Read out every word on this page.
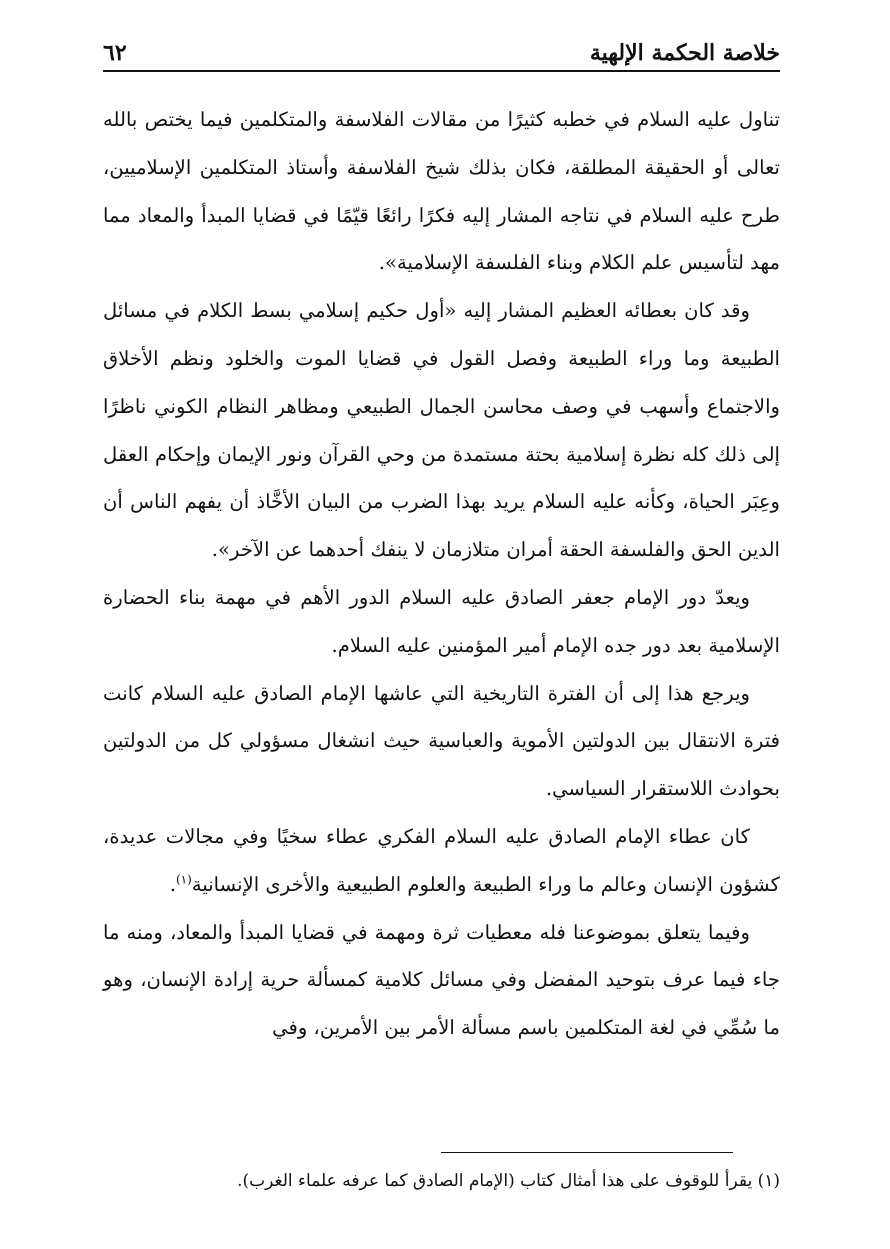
خلاصة الحكمة الإلهية
٦٢

تناول عليه السلام في خطبه كثيرًا من مقالات الفلاسفة والمتكلمين فيما يختص بالله تعالى أو الحقيقة المطلقة، فكان بذلك شيخ الفلاسفة وأستاذ المتكلمين الإسلاميين، طرح عليه السلام في نتاجه المشار إليه فكرًا رائعًا قيّمًا في قضايا المبدأ والمعاد مما مهد لتأسيس علم الكلام وبناء الفلسفة الإسلامية».

وقد كان بعطائه العظيم المشار إليه «أول حكيم إسلامي بسط الكلام في مسائل الطبيعة وما وراء الطبيعة وفصل القول في قضايا الموت والخلود ونظم الأخلاق والاجتماع وأسهب في وصف محاسن الجمال الطبيعي ومظاهر النظام الكوني ناظرًا إلى ذلك كله نظرة إسلامية بحتة مستمدة من وحي القرآن ونور الإيمان وإحكام العقل وعِبَر الحياة، وكأنه عليه السلام يريد بهذا الضرب من البيان الأخَّاذ أن يفهم الناس أن الدين الحق والفلسفة الحقة أمران متلازمان لا ينفك أحدهما عن الآخر».

ويعدّ دور الإمام جعفر الصادق عليه السلام الدور الأهم في مهمة بناء الحضارة الإسلامية بعد دور جده الإمام أمير المؤمنين عليه السلام.

ويرجع هذا إلى أن الفترة التاريخية التي عاشها الإمام الصادق عليه السلام كانت فترة الانتقال بين الدولتين الأموية والعباسية حيث انشغال مسؤولي كل من الدولتين بحوادث اللاستقرار السياسي.

كان عطاء الإمام الصادق عليه السلام الفكري عطاء سخيًا وفي مجالات عديدة، كشؤون الإنسان وعالم ما وراء الطبيعة والعلوم الطبيعية والأخرى الإنسانية$^{(١)}$.

وفيما يتعلق بموضوعنا فله معطيات ثرة ومهمة في قضايا المبدأ والمعاد، ومنه ما جاء فيما عرف بتوحيد المفضل وفي مسائل كلامية كمسألة حرية إرادة الإنسان، وهو ما سُمِّي في لغة المتكلمين باسم مسألة الأمر بين الأمرين، وفي

(١) يقرأ للوقوف على هذا أمثال كتاب (الإمام الصادق كما عرفه علماء الغرب).
